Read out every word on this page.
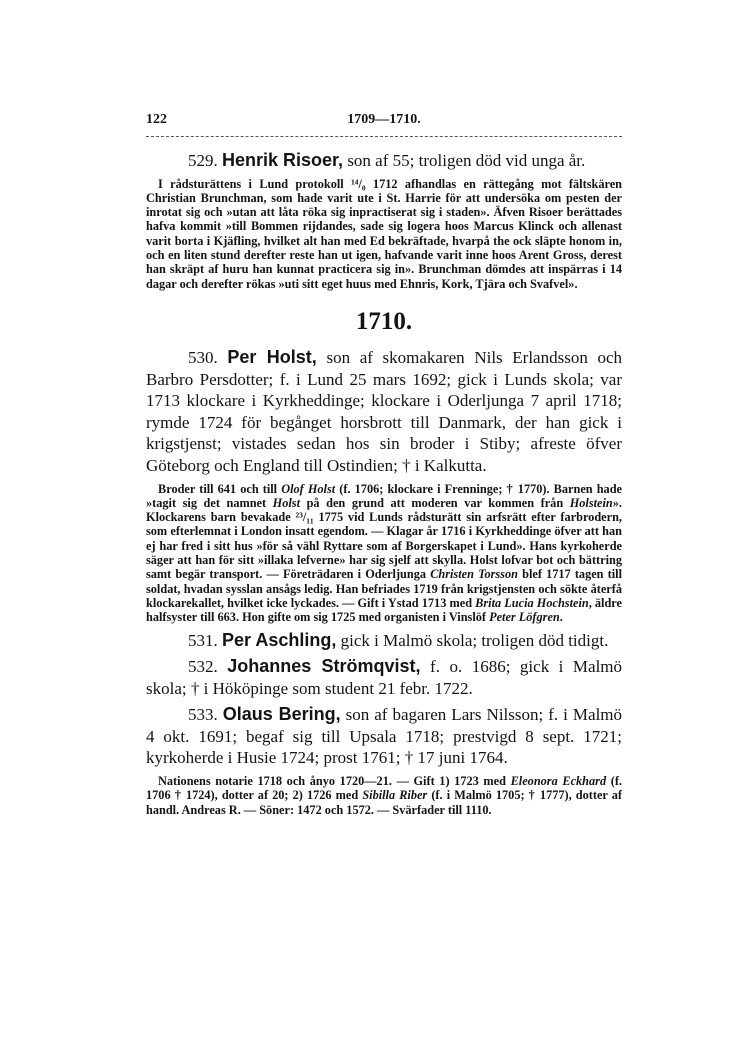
122	1709—1710.

529. Henrik Risoer, son af 55; troligen död vid unga år.

I rådsturättens i Lund protokoll ¹⁴/₀ 1712 afhandlas en rättegång mot fältskären Christian Brunchman, som hade varit ute i St. Harrie för att undersöka om pesten der inrotat sig och »utan att låta röka sig inpractiserat sig i staden». Äfven Risoer berättades hafva kommit »till Bommen rijdandes, sade sig logera hoos Marcus Klinck och allenast varit borta i Kjäfling, hvilket alt han med Ed bekräftade, hvarpå the ock släpte honom in, och en liten stund derefter reste han ut igen, hafvande varit inne hoos Arent Gross, derest han skräpt af huru han kunnat practicera sig in». Brunchman dömdes att inspärras i 14 dagar och derefter rökas »uti sitt eget huus med Ehnris, Kork, Tjära och Svafvel».

1710.

530. Per Holst, son af skomakaren Nils Erlandsson och Barbro Persdotter; f. i Lund 25 mars 1692; gick i Lunds skola; var 1713 klockare i Kyrkheddinge; klockare i Oderljunga 7 april 1718; rymde 1724 för begånget horsbrott till Danmark, der han gick i krigstjenst; vistades sedan hos sin broder i Stiby; afreste öfver Göteborg och England till Ostindien; † i Kalkutta.

Broder till 641 och till Olof Holst (f. 1706; klockare i Frenninge; † 1770). Barnen hade »tagit sig det namnet Holst på den grund att moderen var kommen från Holstein». Klockarens barn bevakade ²³/₁₁ 1775 vid Lunds rådsturätt sin arfsrätt efter farbrodern, som efterlemnat i London insatt egendom. — Klagar år 1716 i Kyrkheddinge öfver att han ej har fred i sitt hus »för så vähl Ryttare som af Borgerskapet i Lund». Hans kyrkoherde säger att han för sitt »illaka lefverne» har sig sjelf att skylla. Holst lofvar bot och bättring samt begär transport. — Företrädaren i Oderljunga Christen Torsson blef 1717 tagen till soldat, hvadan sysslan ansågs ledig. Han befriades 1719 från krigstjensten och sökte återfå klockarekallet, hvilket icke lyckades. — Gift i Ystad 1713 med Brita Lucia Hochstein, äldre halfsyster till 663. Hon gifte om sig 1725 med organisten i Vinslöf Peter Löfgren.

531. Per Aschling, gick i Malmö skola; troligen död tidigt.

532. Johannes Strömqvist, f. o. 1686; gick i Malmö skola; † i Hököpinge som student 21 febr. 1722.

533. Olaus Bering, son af bagaren Lars Nilsson; f. i Malmö 4 okt. 1691; begaf sig till Upsala 1718; prestvigd 8 sept. 1721; kyrkoherde i Husie 1724; prost 1761; † 17 juni 1764.

Nationens notarie 1718 och ånyo 1720—21. — Gift 1) 1723 med Eleonora Eckhard (f. 1706 † 1724), dotter af 20; 2) 1726 med Sibilla Riber (f. i Malmö 1705; † 1777), dotter af handl. Andreas R. — Söner: 1472 och 1572. — Svärfader till 1110.
